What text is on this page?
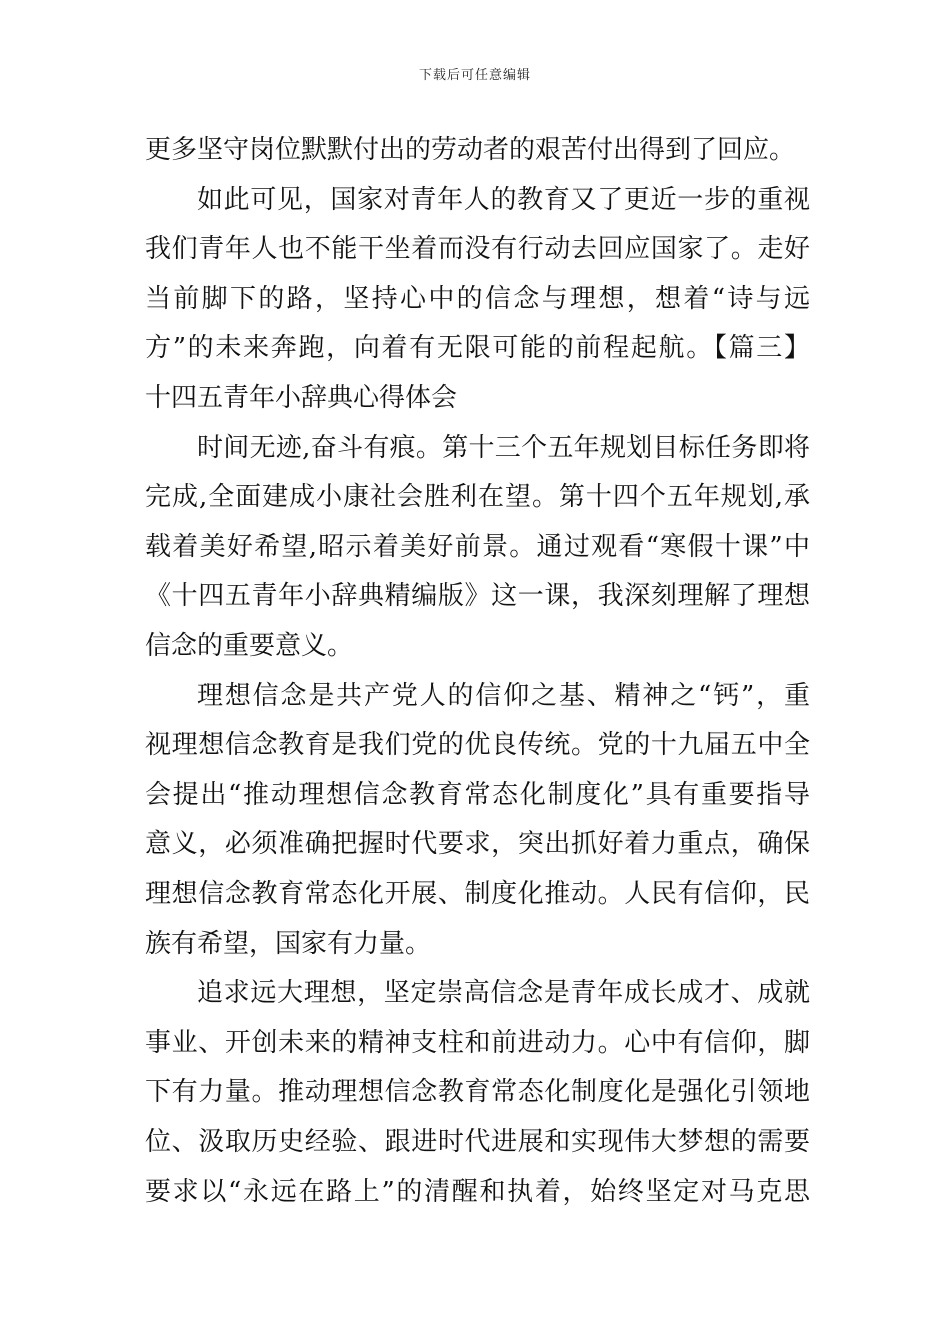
下载后可任意编辑
更多坚守岗位默默付出的劳动者的艰苦付出得到了回应。
如此可见，国家对青年人的教育又了更近一步的重视
我们青年人也不能干坐着而没有行动去回应国家了。走好
当前脚下的路，坚持心中的信念与理想，想着“诗与远
方”的未来奔跑，向着有无限可能的前程起航。【篇三】
十四五青年小辞典心得体会
时间无迹,奋斗有痕。第十三个五年规划目标任务即将
完成,全面建成小康社会胜利在望。第十四个五年规划,承
载着美好希望,昭示着美好前景。通过观看“寒假十课”中
《十四五青年小辞典精编版》这一课，我深刻理解了理想
信念的重要意义。
理想信念是共产党人的信仰之基、精神之“钙”，重
视理想信念教育是我们党的优良传统。党的十九届五中全
会提出“推动理想信念教育常态化制度化”具有重要指导
意义，必须准确把握时代要求，突出抓好着力重点，确保
理想信念教育常态化开展、制度化推动。人民有信仰，民
族有希望，国家有力量。
追求远大理想，坚定崇高信念是青年成长成才、成就
事业、开创未来的精神支柱和前进动力。心中有信仰，脚
下有力量。推动理想信念教育常态化制度化是强化引领地
位、汲取历史经验、跟进时代进展和实现伟大梦想的需要
要求以“永远在路上”的清醒和执着，始终坚定对马克思
